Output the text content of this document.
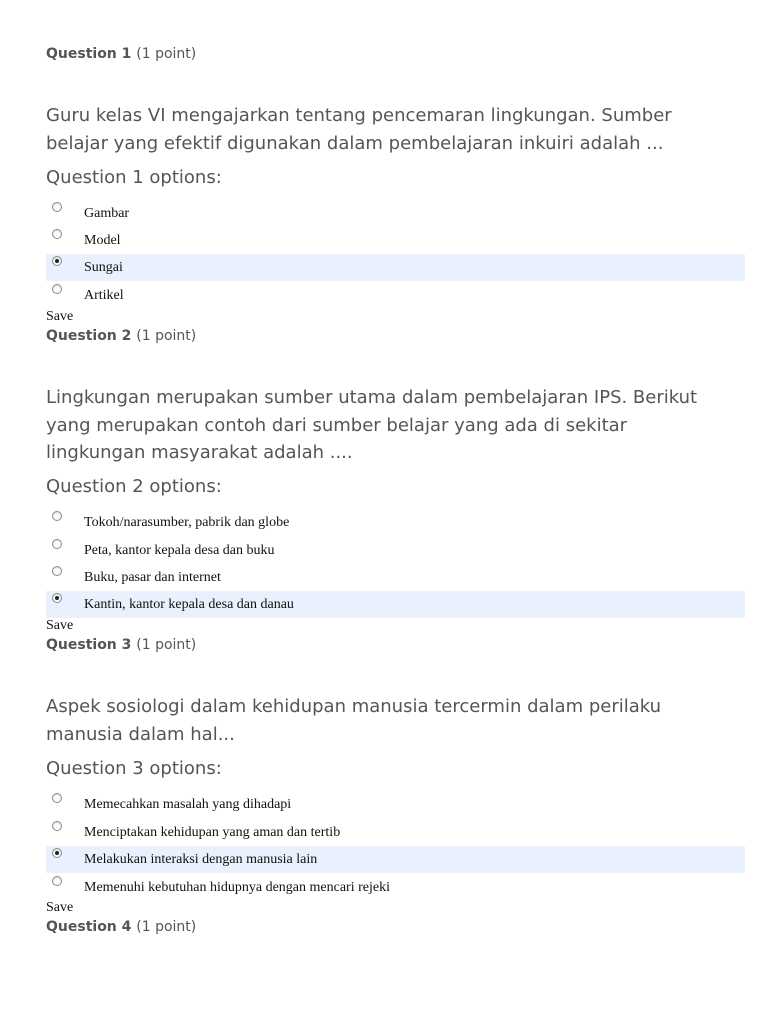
Question 1 (1 point)
Guru kelas VI mengajarkan tentang pencemaran lingkungan. Sumber
belajar yang efektif digunakan dalam pembelajaran inkuiri adalah ...
Question 1 options:
Gambar
Model
Sungai
Artikel
Save
Question 2 (1 point)
Lingkungan merupakan sumber utama dalam pembelajaran IPS. Berikut
yang merupakan contoh dari sumber belajar yang ada di sekitar
lingkungan masyarakat adalah ....
Question 2 options:
Tokoh/narasumber, pabrik dan globe
Peta, kantor kepala desa dan buku
Buku, pasar dan internet
Kantin, kantor kepala desa dan danau
Save
Question 3 (1 point)
Aspek sosiologi dalam kehidupan manusia tercermin dalam perilaku
manusia dalam hal...
Question 3 options:
Memecahkan masalah yang dihadapi
Menciptakan kehidupan yang aman dan tertib
Melakukan interaksi dengan manusia lain
Memenuhi kebutuhan hidupnya dengan mencari rejeki
Save
Question 4 (1 point)
